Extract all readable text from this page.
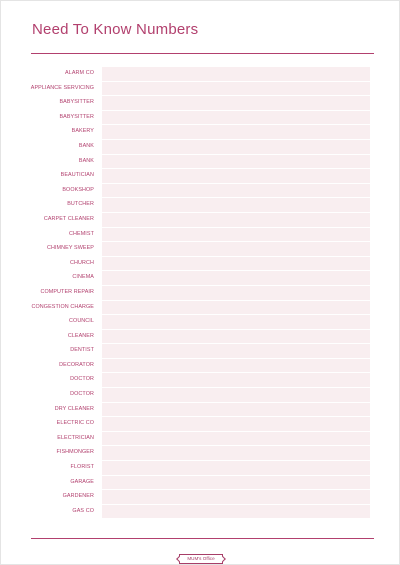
Need To Know Numbers
ALARM CO
APPLIANCE SERVICING
BABYSITTER
BABYSITTER
BAKERY
BANK
BANK
BEAUTICIAN
BOOKSHOP
BUTCHER
CARPET CLEANER
CHEMIST
CHIMNEY SWEEP
CHURCH
CINEMA
COMPUTER REPAIR
CONGESTION CHARGE
COUNCIL
CLEANER
DENTIST
DECORATOR
DOCTOR
DOCTOR
DRY CLEANER
ELECTRIC CO
ELECTRICIAN
FISHMONGER
FLORIST
GARAGE
GARDENER
GAS CO
MUM's Office
